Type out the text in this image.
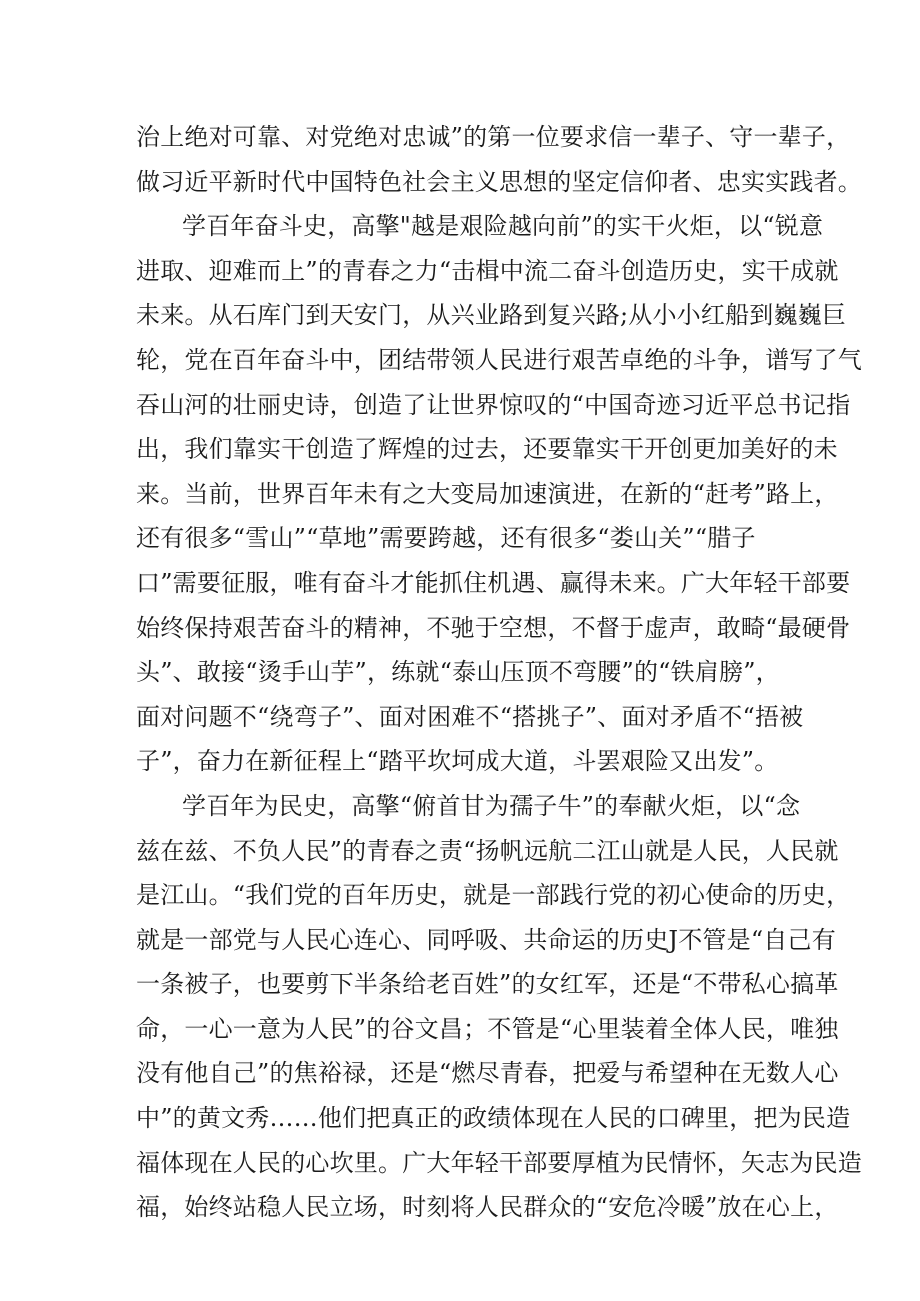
治上绝对可靠、对党绝对忠诚”的第一位要求信一辈子、守一辈子，
做习近平新时代中国特色社会主义思想的坚定信仰者、忠实实践者。
学百年奋斗史，高擎"越是艰险越向前”的实干火炬，以“锐意
进取、迎难而上”的青春之力“击楫中流二奋斗创造历史，实干成就
未来。从石库门到天安门，从兴业路到复兴路;从小小红船到巍巍巨
轮，党在百年奋斗中，团结带领人民进行艰苦卓绝的斗争，谱写了气
吞山河的壮丽史诗，创造了让世界惊叹的“中国奇迹习近平总书记指
出，我们靠实干创造了辉煌的过去，还要靠实干开创更加美好的未
来。当前，世界百年未有之大变局加速演进，在新的“赶考”路上，
还有很多“雪山”“草地”需要跨越，还有很多“娄山关”“腊子
口”需要征服，唯有奋斗才能抓住机遇、赢得未来。广大年轻干部要
始终保持艰苦奋斗的精神，不驰于空想，不督于虚声，敢畸“最硬骨
头”、敢接“烫手山芋”，练就“泰山压顶不弯腰”的“铁肩膀”，
面对问题不“绕弯子”、面对困难不“搭挑子”、面对矛盾不“捂被
子”，奋力在新征程上“踏平坎坷成大道，斗罢艰险又出发”。
学百年为民史，高擎“俯首甘为孺子牛”的奉献火炬，以“念
兹在兹、不负人民”的青春之责“扬帆远航二江山就是人民，人民就
是江山。“我们党的百年历史，就是一部践行党的初心使命的历史，
就是一部党与人民心连心、同呼吸、共命运的历史J不管是“自己有
一条被子，也要剪下半条给老百姓”的女红军，还是“不带私心搞革
命，一心一意为人民”的谷文昌；不管是“心里装着全体人民，唯独
没有他自己”的焦裕禄，还是“燃尽青春，把爱与希望种在无数人心
中”的黄文秀……他们把真正的政绩体现在人民的口碑里，把为民造
福体现在人民的心坎里。广大年轻干部要厚植为民情怀，矢志为民造
福，始终站稳人民立场，时刻将人民群众的“安危冷暖”放在心上，
